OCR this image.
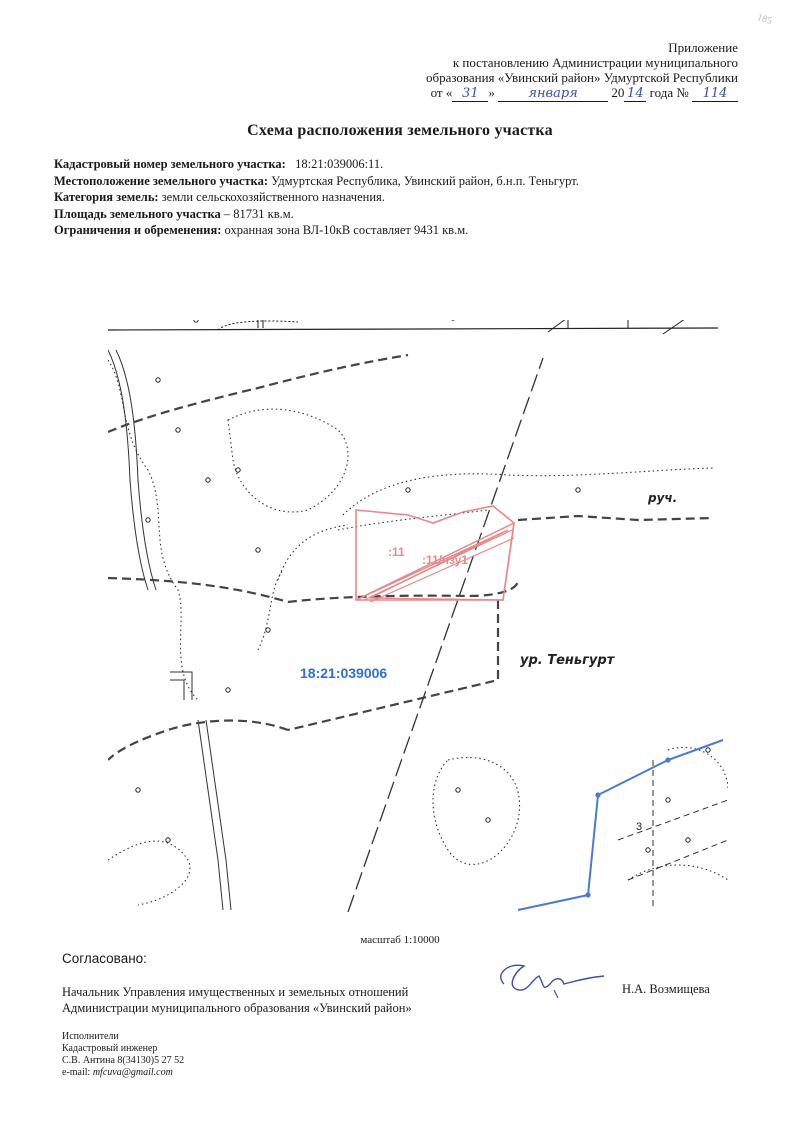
185
Приложение
к постановлению Администрации муниципального
образования «Увинский район» Удмуртской Республики
от « 31 »	января	20 14 года № 114
Схема расположения земельного участка
Кадастровый номер земельного участка: 18:21:039006:11.
Местоположение земельного участка: Удмуртская Республика, Увинский район, б.н.п. Теньгурт.
Категория земель: земли сельскохозяйственного назначения.
Площадь земельного участка – 81731 кв.м.
Ограничения и обременения: охранная зона ВЛ-10кВ составляет 9431 кв.м.
:11
:11/чзу1
18:21:039006
ур. Теньгурт
руч.
3
масштаб 1:10000
Согласовано:
Начальник Управления имущественных и земельных отношений
Администрации муниципального образования «Увинский район»
Н.А. Возмищева
Исполнители
Кадастровый инженер
С.В. Антина 8(34130)5 27 52
e-mail: mfcuva@gmail.com
